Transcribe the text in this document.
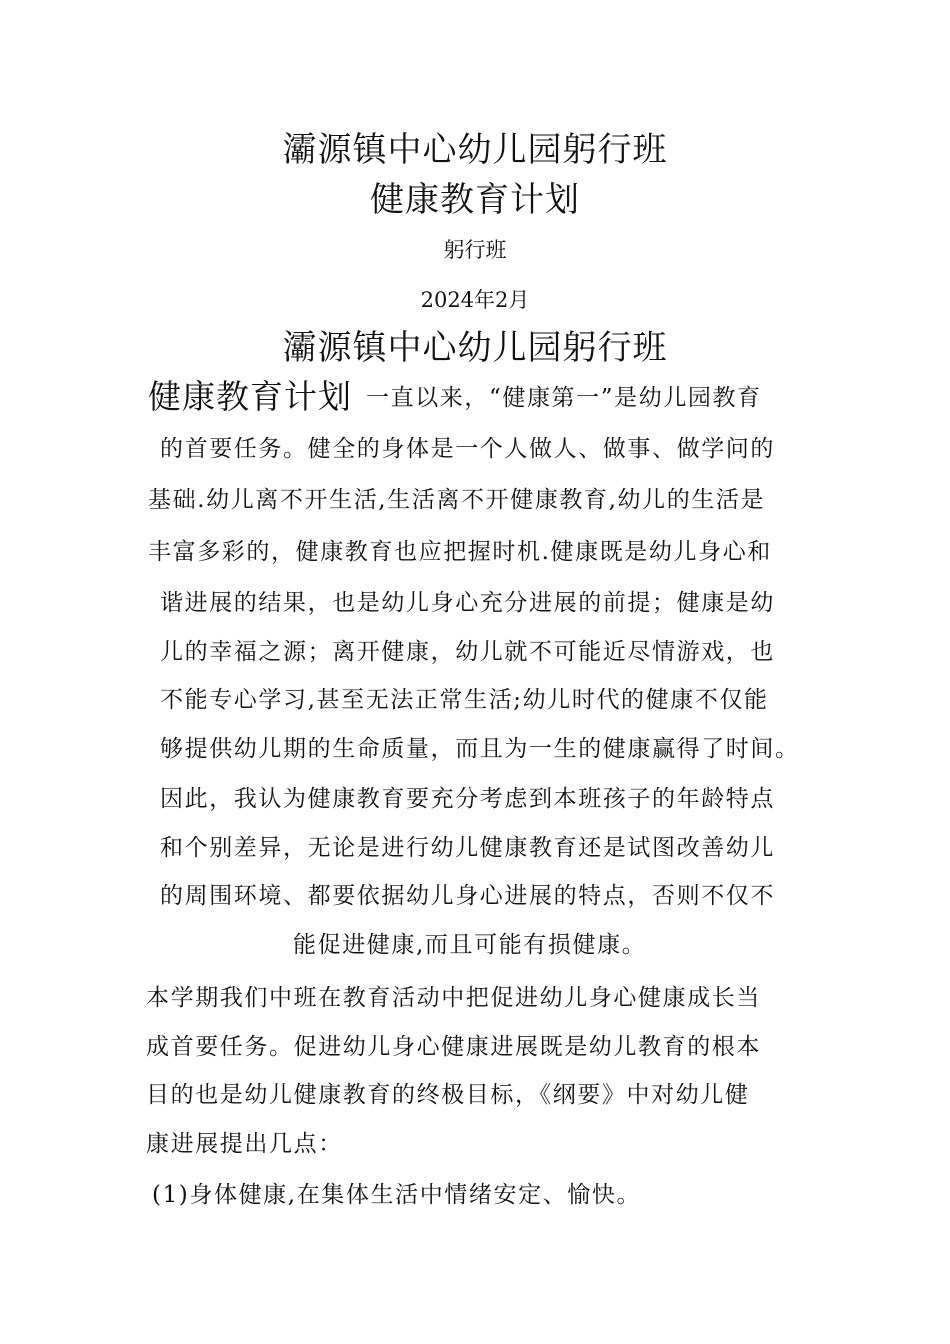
灞源镇中心幼儿园躬行班
健康教育计划
躬行班
2024年2月
灞源镇中心幼儿园躬行班
健康教育计划 一直以来，“健康第一”是幼儿园教育
的首要任务。健全的身体是一个人做人、做事、做学问的
基础.幼儿离不开生活,生活离不开健康教育,幼儿的生活是
丰富多彩的，健康教育也应把握时机.健康既是幼儿身心和
谐进展的结果，也是幼儿身心充分进展的前提；健康是幼
儿的幸福之源；离开健康，幼儿就不可能近尽情游戏，也
不能专心学习,甚至无法正常生活;幼儿时代的健康不仅能
够提供幼儿期的生命质量，而且为一生的健康赢得了时间。
因此，我认为健康教育要充分考虑到本班孩子的年龄特点
和个别差异，无论是进行幼儿健康教育还是试图改善幼儿
的周围环境、都要依据幼儿身心进展的特点，否则不仅不
能促进健康,而且可能有损健康。
本学期我们中班在教育活动中把促进幼儿身心健康成长当
成首要任务。促进幼儿身心健康进展既是幼儿教育的根本
目的也是幼儿健康教育的终极目标，《纲要》中对幼儿健
康进展提出几点：
(1)身体健康,在集体生活中情绪安定、愉快。
